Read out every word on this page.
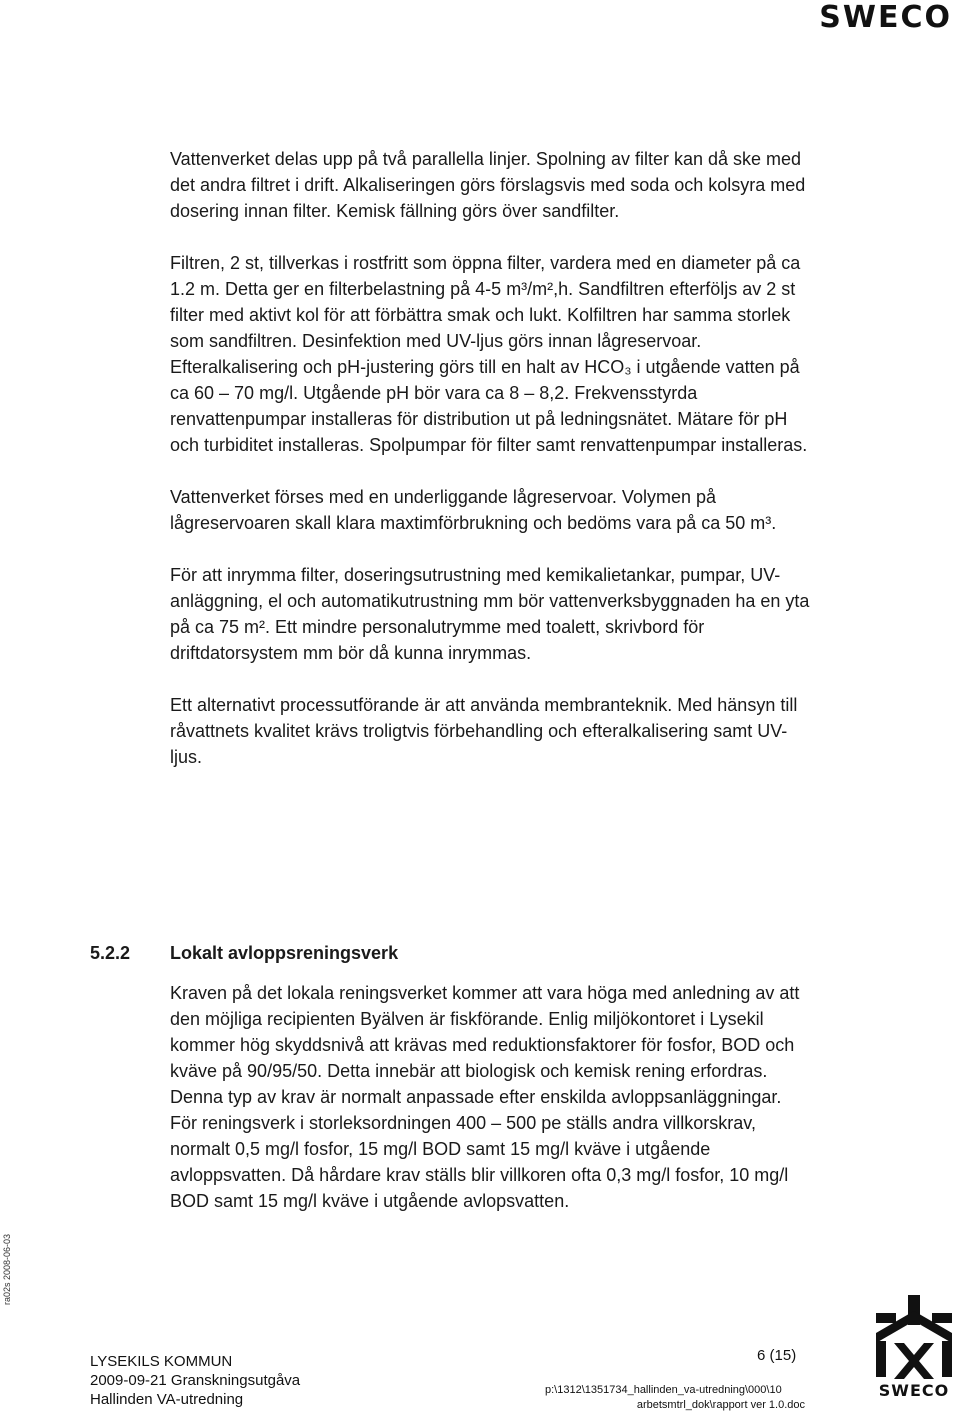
SWECO

Vattenverket delas upp på två parallella linjer. Spolning av filter kan då ske med det andra filtret i drift. Alkaliseringen görs förslagsvis med soda och kolsyra med dosering innan filter. Kemisk fällning görs över sandfilter.

Filtren, 2 st, tillverkas i rostfritt som öppna filter, vardera med en diameter på ca 1.2 m. Detta ger en filterbelastning på 4-5 m³/m²,h. Sandfiltren efterföljs av 2 st filter med aktivt kol för att förbättra smak och lukt. Kolfiltren har samma storlek som sandfiltren. Desinfektion med UV-ljus görs innan lågreservoar. Efteralkalisering och pH-justering görs till en halt av HCO₃ i utgående vatten på ca 60 – 70 mg/l. Utgående pH bör vara ca 8 – 8,2. Frekvensstyrda renvattenpumpar installeras för distribution ut på ledningsnätet. Mätare för pH och turbiditet installeras. Spolpumpar för filter samt renvattenpumpar installeras.

Vattenverket förses med en underliggande lågreservoar. Volymen på lågreservoaren skall klara maxtimförbrukning och bedöms vara på ca 50 m³.

För att inrymma filter, doseringsutrustning med kemikalietankar, pumpar, UV-anläggning, el och automatikutrustning mm bör vattenverksbyggnaden ha en yta på ca 75 m². Ett mindre personalutrymme med toalett, skrivbord för driftdatorsystem mm bör då kunna inrymmas.

Ett alternativt processutförande är att använda membranteknik. Med hänsyn till råvattnets kvalitet krävs troligtvis förbehandling och efteralkalisering samt UV-ljus.

5.2.2 Lokalt avloppsreningsverk
Kraven på det lokala reningsverket kommer att vara höga med anledning av att den möjliga recipienten Byälven är fiskförande. Enlig miljökontoret i Lysekil kommer hög skyddsnivå att krävas med reduktionsfaktorer för fosfor, BOD och kväve på 90/95/50. Detta innebär att biologisk och kemisk rening erfordras. Denna typ av krav är normalt anpassade efter enskilda avloppsanläggningar. För reningsverk i storleksordningen 400 – 500 pe ställs andra villkorskrav, normalt 0,5 mg/l fosfor, 15 mg/l BOD samt 15 mg/l kväve i utgående avloppsvatten. Då hårdare krav ställs blir villkoren ofta 0,3 mg/l fosfor, 10 mg/l BOD samt 15 mg/l kväve i utgående avlopsvatten.
ra02s 2008-06-03
LYSEKILS KOMMUN
2009-09-21 Granskningsutgåva
Hallinden VA-utredning
6 (15)
p:\1312\1351734_hallinden_va-utredning\000\10
arbetsmtrl_dok\rapport ver 1.0.doc
SWECO
